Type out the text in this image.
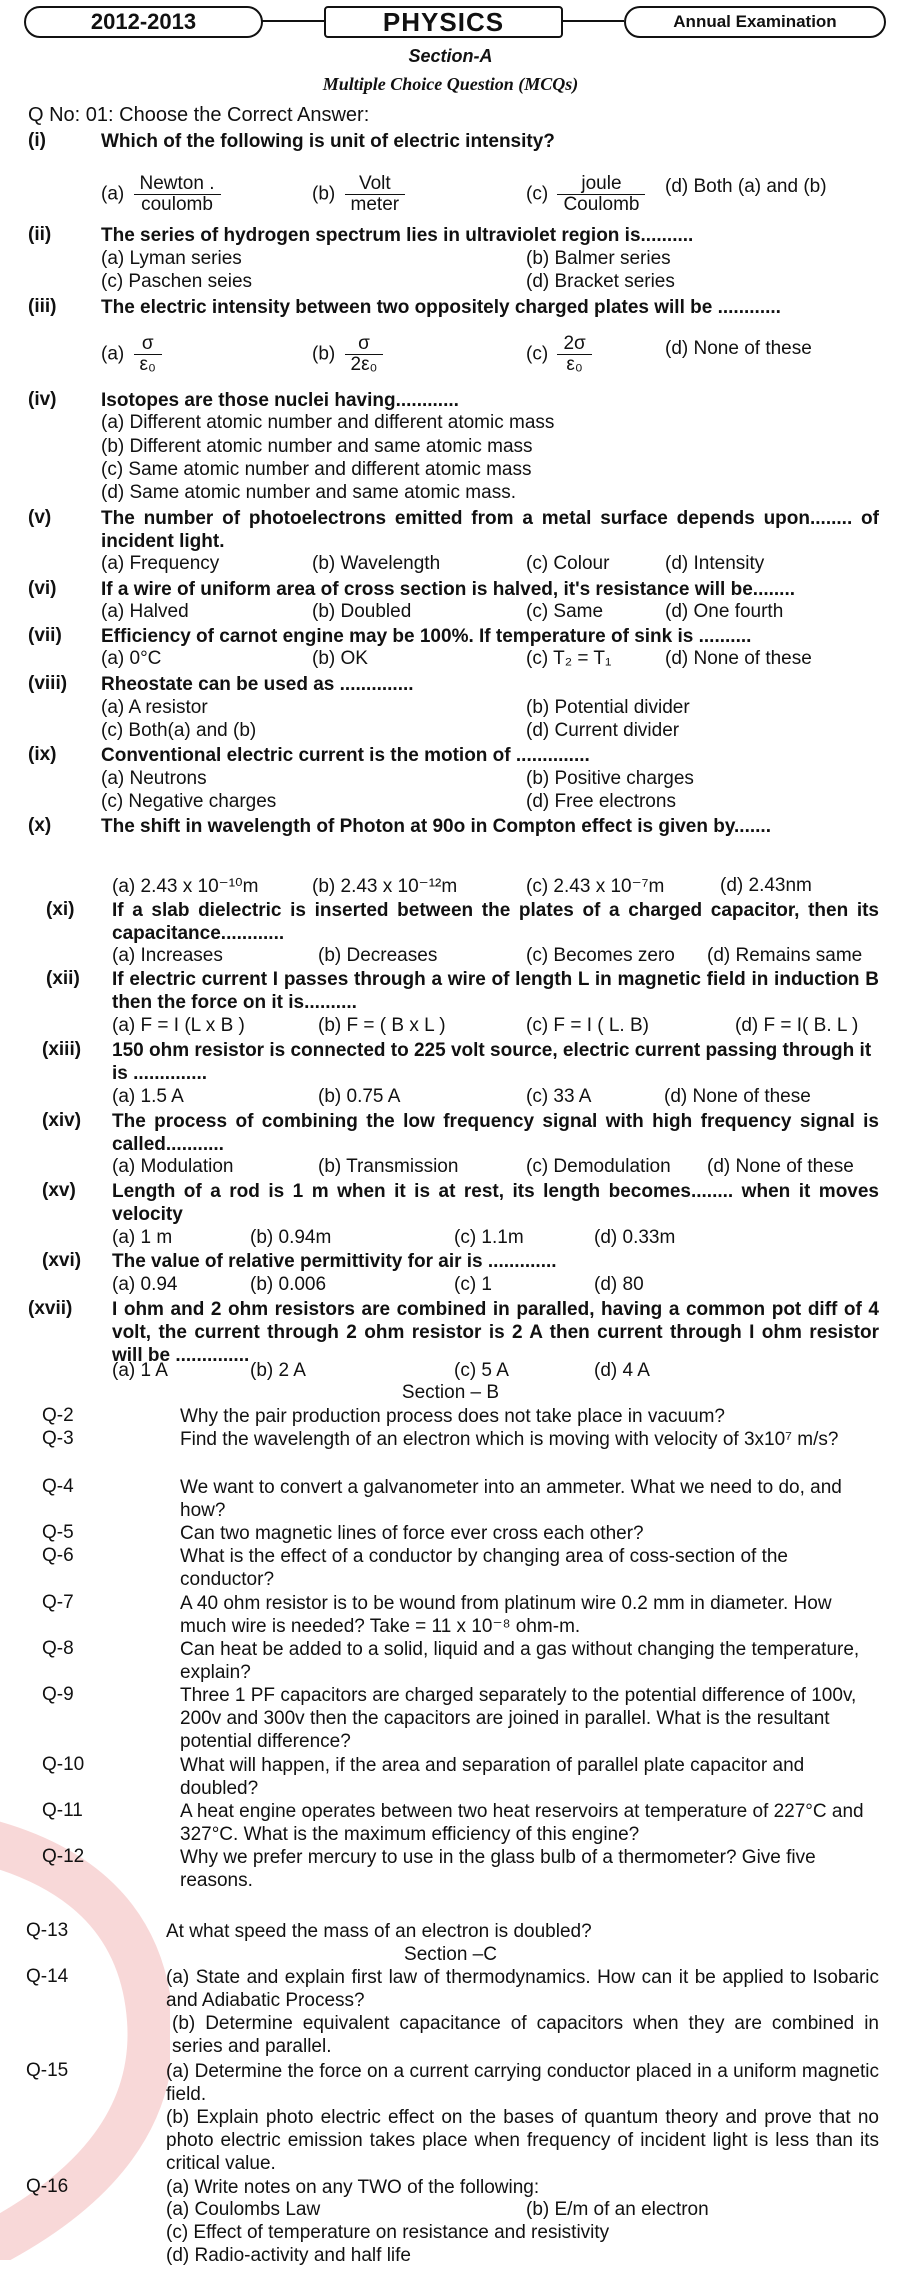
2012-2013	PHYSICS	Annual Examination
Section-A
Multiple Choice Question (MCQs)
Q No: 01: Choose the Correct Answer:
(i)	Which of the following is unit of electric intensity?
$(a) \frac{\text{Newton .}}{\text{coulomb}}$	$(b) \frac{\text{Volt}}{\text{meter}}$	$(c) \frac{\text{joule}}{\text{Coulomb}} (d)$ Both (a) and (b)
(ii)	The series of hydrogen spectrum lies in ultraviolet region is..........
(a) Lyman series	(b) Balmer series
(c) Paschen seies	(d) Bracket series
(iii) The electric intensity between two oppositely charged plates will be ............
$(a) \frac{\sigma}{\text{ε₀}}$	$(b) \frac{\sigma}{\text{2ε₀}}$	$(c) \frac{2\sigma}{\text{ε₀}}$	(d) None of these
(iv) Isotopes are those nuclei having............
(a) Different atomic number and different atomic mass
(b) Different atomic number and same atomic mass
(c) Same atomic number and different atomic mass
(d) Same atomic number and same atomic mass.
(v)	The number of photoelectrons emitted from a metal surface depends upon........ of incident light.
(a) Frequency	(b) Wavelength	(c) Colour	(d) Intensity
(vi) If a wire of uniform area of cross section is halved, it's resistance will be........
(a) Halved	(b) Doubled	(c) Same	(d) One fourth
(vii) Efficiency of carnot engine may be 100%. If temperature of sink is ..........
(a) 0°C	(b) OK	(c) T₂ = T₁	(d) None of these
(viii) Rheostate can be used as ..............
(a) A resistor	(b) Potential divider
(c) Both(a) and (b)	(d) Current divider
(ix) Conventional electric current is the motion of ..............
(a) Neutrons	(b) Positive charges
(c) Negative charges	(d) Free electrons
(x)	The shift in wavelength of Photon at 90o in Compton effect is given by.......
(a) 2.43 x 10⁻¹⁰m	(b) 2.43 x 10⁻¹²m	(c) 2.43 x 10⁻⁷m	(d) 2.43nm
(xi) If a slab dielectric is inserted between the plates of a charged capacitor, then its capacitance............
(a) Increases	(b) Decreases	(c) Becomes zero (d) Remains same
(xii) If electric current I passes through a wire of length L in magnetic field in induction B then the force on it is..........
(a) F = I (L x B )	(b) F = ( B x L )	(c) F = I ( L. B)	(d) F = I( B. L )
(xiii) 150 ohm resistor is connected to 225 volt source, electric current passing through it is ..............
(a) 1.5 A	(b) 0.75 A	(c) 33 A	(d) None of these
(xiv) The process of combining the low frequency signal with high frequency signal is called...........
(a) Modulation	(b) Transmission	(c) Demodulation (d) None of these
(xv) Length of a rod is 1 m when it is at rest, its length becomes........ when it moves velocity
(a) 1 m	(b) 0.94m	(c) 1.1m	(d) 0.33m
(xvi) The value of relative permittivity for air is .............
(a) 0.94	(b) 0.006	(c) 1	(d) 80
(xvii) I ohm and 2 ohm resistors are combined in paralled, having a common pot diff of 4 volt, the current through 2 ohm resistor is 2 A then current through I ohm resistor will be ..............
(a) 1 A	(b) 2 A	(c) 5 A	(d) 4 A
Section – B
Q-2	Why the pair production process does not take place in vacuum?
Q-3	Find the wavelength of an electron which is moving with velocity of 3x10⁷ m/s?
Q-4	We want to convert a galvanometer into an ammeter. What we need to do, and how?
Q-5	Can two magnetic lines of force ever cross each other?
Q-6	What is the effect of a conductor by changing area of coss-section of the conductor?
Q-7	A 40 ohm resistor is to be wound from platinum wire 0.2 mm in diameter. How much wire is needed? Take = 11 x 10⁻⁸ ohm-m.
Q-8	Can heat be added to a solid, liquid and a gas without changing the temperature, explain?
Q-9	Three 1 PF capacitors are charged separately to the potential difference of 100v, 200v and 300v then the capacitors are joined in parallel. What is the resultant potential difference?
Q-10	What will happen, if the area and separation of parallel plate capacitor and doubled?
Q-11	A heat engine operates between two heat reservoirs at temperature of 227°C and 327°C. What is the maximum efficiency of this engine?
Q-12	Why we prefer mercury to use in the glass bulb of a thermometer? Give five reasons.
Q-13	At what speed the mass of an electron is doubled?
Section –C
Q-14	(a) State and explain first law of thermodynamics. How can it be applied to Isobaric and Adiabatic Process?
(b) Determine equivalent capacitance of capacitors when they are combined in series and parallel.
Q-15	(a) Determine the force on a current carrying conductor placed in a uniform magnetic field.
(b) Explain photo electric effect on the bases of quantum theory and prove that no photo electric emission takes place when frequency of incident light is less than its critical value.
Q-16	(a) Write notes on any TWO of the following:
(a) Coulombs Law	(b) E/m of an electron
(c) Effect of temperature on resistance and resistivity
(d) Radio-activity and half life
